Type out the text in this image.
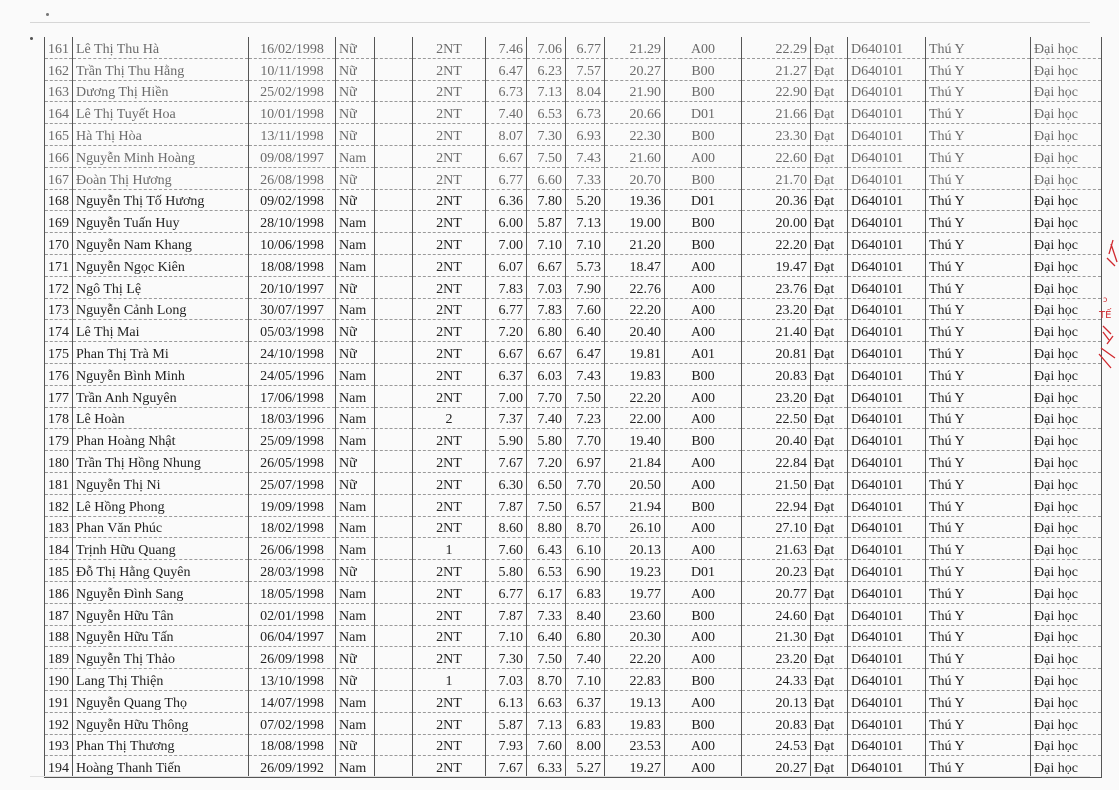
161	Lê Thị Thu Hà	16/02/1998	Nữ		2NT	7.46	7.06	6.77	21.29	A00	22.29	Đạt	D640101	Thú Y	Đại học
162	Trần Thị Thu Hằng	10/11/1998	Nữ		2NT	6.47	6.23	7.57	20.27	B00	21.27	Đạt	D640101	Thú Y	Đại học
163	Dương Thị Hiền	25/02/1998	Nữ		2NT	6.73	7.13	8.04	21.90	B00	22.90	Đạt	D640101	Thú Y	Đại học
164	Lê Thị Tuyết Hoa	10/01/1998	Nữ		2NT	7.40	6.53	6.73	20.66	D01	21.66	Đạt	D640101	Thú Y	Đại học
165	Hà Thị Hòa	13/11/1998	Nữ		2NT	8.07	7.30	6.93	22.30	B00	23.30	Đạt	D640101	Thú Y	Đại học
166	Nguyễn Minh Hoàng	09/08/1997	Nam		2NT	6.67	7.50	7.43	21.60	A00	22.60	Đạt	D640101	Thú Y	Đại học
167	Đoàn Thị Hương	26/08/1998	Nữ		2NT	6.77	6.60	7.33	20.70	B00	21.70	Đạt	D640101	Thú Y	Đại học
168	Nguyễn Thị Tố Hương	09/02/1998	Nữ		2NT	6.36	7.80	5.20	19.36	D01	20.36	Đạt	D640101	Thú Y	Đại học
169	Nguyễn Tuấn Huy	28/10/1998	Nam		2NT	6.00	5.87	7.13	19.00	B00	20.00	Đạt	D640101	Thú Y	Đại học
170	Nguyễn Nam Khang	10/06/1998	Nam		2NT	7.00	7.10	7.10	21.20	B00	22.20	Đạt	D640101	Thú Y	Đại học
171	Nguyễn Ngọc Kiên	18/08/1998	Nam		2NT	6.07	6.67	5.73	18.47	A00	19.47	Đạt	D640101	Thú Y	Đại học
172	Ngô Thị Lệ	20/10/1997	Nữ		2NT	7.83	7.03	7.90	22.76	A00	23.76	Đạt	D640101	Thú Y	Đại học
173	Nguyễn Cảnh Long	30/07/1997	Nam		2NT	6.77	7.83	7.60	22.20	A00	23.20	Đạt	D640101	Thú Y	Đại học
174	Lê Thị Mai	05/03/1998	Nữ		2NT	7.20	6.80	6.40	20.40	A00	21.40	Đạt	D640101	Thú Y	Đại học
175	Phan Thị Trà Mi	24/10/1998	Nữ		2NT	6.67	6.67	6.47	19.81	A01	20.81	Đạt	D640101	Thú Y	Đại học
176	Nguyễn Bình Minh	24/05/1996	Nam		2NT	6.37	6.03	7.43	19.83	B00	20.83	Đạt	D640101	Thú Y	Đại học
177	Trần Anh Nguyên	17/06/1998	Nam		2NT	7.00	7.70	7.50	22.20	A00	23.20	Đạt	D640101	Thú Y	Đại học
178	Lê Hoàn	18/03/1996	Nam		2	7.37	7.40	7.23	22.00	A00	22.50	Đạt	D640101	Thú Y	Đại học
179	Phan Hoàng Nhật	25/09/1998	Nam		2NT	5.90	5.80	7.70	19.40	B00	20.40	Đạt	D640101	Thú Y	Đại học
180	Trần Thị Hồng Nhung	26/05/1998	Nữ		2NT	7.67	7.20	6.97	21.84	A00	22.84	Đạt	D640101	Thú Y	Đại học
181	Nguyễn Thị Ni	25/07/1998	Nữ		2NT	6.30	6.50	7.70	20.50	A00	21.50	Đạt	D640101	Thú Y	Đại học
182	Lê Hồng Phong	19/09/1998	Nam		2NT	7.87	7.50	6.57	21.94	B00	22.94	Đạt	D640101	Thú Y	Đại học
183	Phan Văn Phúc	18/02/1998	Nam		2NT	8.60	8.80	8.70	26.10	A00	27.10	Đạt	D640101	Thú Y	Đại học
184	Trịnh Hữu Quang	26/06/1998	Nam		1	7.60	6.43	6.10	20.13	A00	21.63	Đạt	D640101	Thú Y	Đại học
185	Đỗ Thị Hằng Quyên	28/03/1998	Nữ		2NT	5.80	6.53	6.90	19.23	D01	20.23	Đạt	D640101	Thú Y	Đại học
186	Nguyễn Đình Sang	18/05/1998	Nam		2NT	6.77	6.17	6.83	19.77	A00	20.77	Đạt	D640101	Thú Y	Đại học
187	Nguyễn Hữu Tân	02/01/1998	Nam		2NT	7.87	7.33	8.40	23.60	B00	24.60	Đạt	D640101	Thú Y	Đại học
188	Nguyễn Hữu Tấn	06/04/1997	Nam		2NT	7.10	6.40	6.80	20.30	A00	21.30	Đạt	D640101	Thú Y	Đại học
189	Nguyễn Thị Thảo	26/09/1998	Nữ		2NT	7.30	7.50	7.40	22.20	A00	23.20	Đạt	D640101	Thú Y	Đại học
190	Lang Thị Thiện	13/10/1998	Nữ		1	7.03	8.70	7.10	22.83	B00	24.33	Đạt	D640101	Thú Y	Đại học
191	Nguyễn Quang Thọ	14/07/1998	Nam		2NT	6.13	6.63	6.37	19.13	A00	20.13	Đạt	D640101	Thú Y	Đại học
192	Nguyễn Hữu Thông	07/02/1998	Nam		2NT	5.87	7.13	6.83	19.83	B00	20.83	Đạt	D640101	Thú Y	Đại học
193	Phan Thị Thương	18/08/1998	Nữ		2NT	7.93	7.60	8.00	23.53	A00	24.53	Đạt	D640101	Thú Y	Đại học
194	Hoàng Thanh Tiến	26/09/1992	Nam		2NT	7.67	6.33	5.27	19.27	A00	20.27	Đạt	D640101	Thú Y	Đại học
ɔ
TẾ
